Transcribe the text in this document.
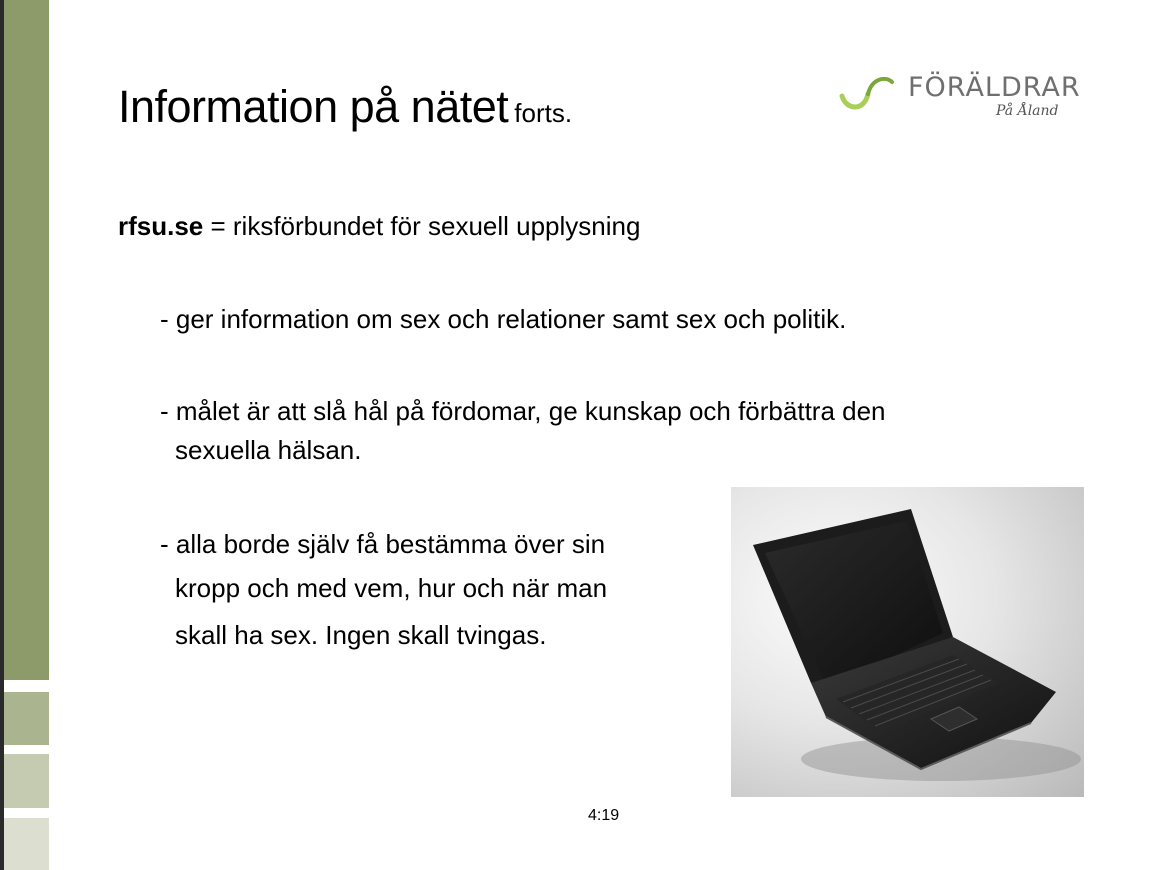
FÖRÄLDRAR
På Åland
Information på nätet forts.
rfsu.se = riksförbundet för sexuell upplysning
- ger information om sex och relationer samt sex och politik.
- målet är att slå hål på fördomar, ge kunskap och förbättra den
sexuella hälsan.
- alla borde själv få bestämma över sin
kropp och med vem, hur och när man
skall ha sex. Ingen skall tvingas.
4:19
